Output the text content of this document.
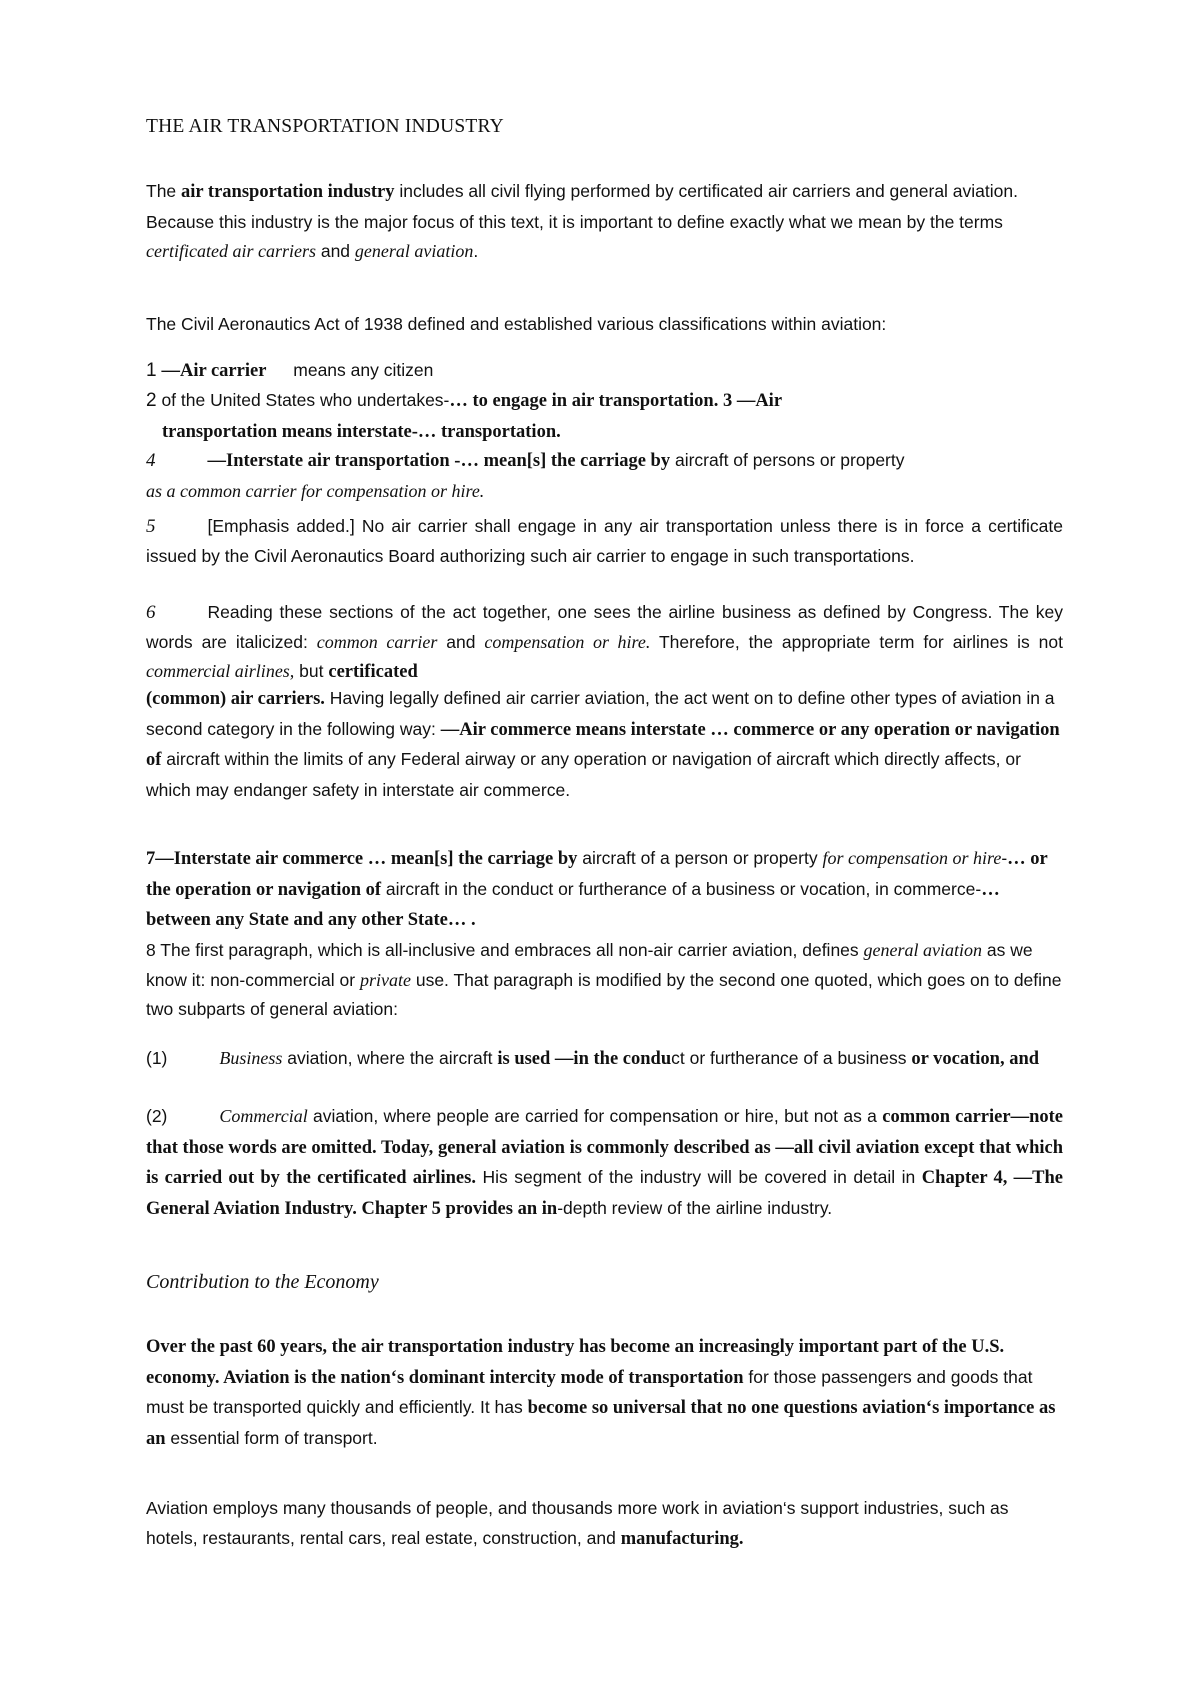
THE AIR TRANSPORTATION INDUSTRY
The air transportation industry includes all civil flying performed by certificated air carriers and general aviation. Because this industry is the major focus of this text, it is important to define exactly what we mean by the terms certificated air carriers and general aviation.
The Civil Aeronautics Act of 1938 defined and established various classifications within aviation:
1 —Air carrier means any citizen
2 of the United States who undertakes-… to engage in air transportation. 3 —Air
transportation means interstate-… transportation.
4	—Interstate air transportation -… mean[s] the carriage by aircraft of persons or property
as a common carrier for compensation or hire.
5	[Emphasis added.] No air carrier shall engage in any air transportation unless there is in force a certificate issued by the Civil Aeronautics Board authorizing such air carrier to engage in such transportations.
6	Reading these sections of the act together, one sees the airline business as defined by Congress. The key words are italicized: common carrier and compensation or hire. Therefore, the appropriate term for airlines is not commercial airlines, but certificated
(common) air carriers. Having legally defined air carrier aviation, the act went on to define other types of aviation in a second category in the following way: —Air commerce means interstate … commerce or any operation or navigation of aircraft within the limits of any Federal airway or any operation or navigation of aircraft which directly affects, or which may endanger safety in interstate air commerce.
7—Interstate air commerce … mean[s] the carriage by aircraft of a person or property for compensation or hire-… or the operation or navigation of aircraft in the conduct or furtherance of a business or vocation, in commerce-… between any State and any other State… .
8 The first paragraph, which is all-inclusive and embraces all non-air carrier aviation, defines general aviation as we know it: non-commercial or private use. That paragraph is modified by the second one quoted, which goes on to define two subparts of general aviation:
(1)	Business aviation, where the aircraft is used —in the conduct or furtherance of a business or vocation, and
(2)	Commercial aviation, where people are carried for compensation or hire, but not as a common carrier—note that those words are omitted. Today, general aviation is commonly described as —all civil aviation except that which is carried out by the certificated airlines. His segment of the industry will be covered in detail in Chapter 4, —The General Aviation Industry. Chapter 5 provides an in-depth review of the airline industry.
Contribution to the Economy
Over the past 60 years, the air transportation industry has become an increasingly important part of the U.S. economy. Aviation is the nation‘s dominant intercity mode of transportation for those passengers and goods that must be transported quickly and efficiently. It has become so universal that no one questions aviation‘s importance as an essential form of transport.
Aviation employs many thousands of people, and thousands more work in aviation‘s support industries, such as hotels, restaurants, rental cars, real estate, construction, and manufacturing.
